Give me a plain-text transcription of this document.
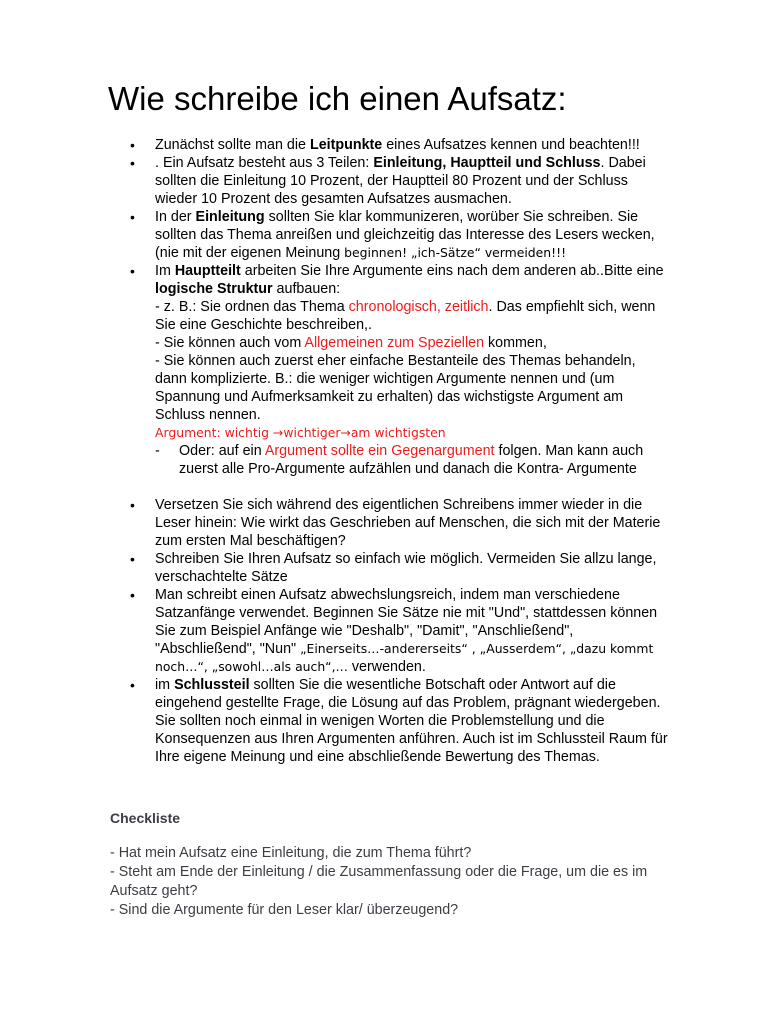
Wie schreibe ich einen Aufsatz:
• Zunächst sollte man die Leitpunkte eines Aufsatzes kennen und beachten!!!
• . Ein Aufsatz besteht aus 3 Teilen: Einleitung, Hauptteil und Schluss. Dabei sollten die Einleitung 10 Prozent, der Hauptteil 80 Prozent und der Schluss wieder 10 Prozent des gesamten Aufsatzes ausmachen.
• In der Einleitung sollten Sie klar kommunizeren, worüber Sie schreiben. Sie sollten das Thema anreißen und gleichzeitig das Interesse des Lesers wecken, (nie mit der eigenen Meinung beginnen! „ich-Sätze“ vermeiden!!!
• Im Hauptteilt arbeiten Sie Ihre Argumente eins nach dem anderen ab..Bitte eine logische Struktur aufbauen:
- z. B.: Sie ordnen das Thema chronologisch, zeitlich. Das empfiehlt sich, wenn Sie eine Geschichte beschreiben,.
- Sie können auch vom Allgemeinen zum Speziellen kommen,
- Sie können auch zuerst eher einfache Bestanteile des Themas behandeln, dann komplizierte. B.: die weniger wichtigen Argumente nennen und (um Spannung und Aufmerksamkeit zu erhalten) das wichstigste Argument am Schluss nennen.
Argument: wichtig →wichtiger→am wichtigsten
- Oder: auf ein Argument sollte ein Gegenargument folgen. Man kann auch zuerst alle Pro-Argumente aufzählen und danach die Kontra- Argumente
• Versetzen Sie sich während des eigentlichen Schreibens immer wieder in die Leser hinein: Wie wirkt das Geschrieben auf Menschen, die sich mit der Materie zum ersten Mal beschäftigen?
• Schreiben Sie Ihren Aufsatz so einfach wie möglich. Vermeiden Sie allzu lange, verschachtelte Sätze
• Man schreibt einen Aufsatz abwechslungsreich, indem man verschiedene Satzanfänge verwendet. Beginnen Sie Sätze nie mit "Und", stattdessen können Sie zum Beispiel Anfänge wie "Deshalb", "Damit", "Anschließend", "Abschließend", "Nun" „Einerseits…-andererseits“ , „Ausserdem“, „dazu kommt noch…“, „sowohl…als auch“,… verwenden.
• im Schlussteil sollten Sie die wesentliche Botschaft oder Antwort auf die eingehend gestellte Frage, die Lösung auf das Problem, prägnant wiedergeben. Sie sollten noch einmal in wenigen Worten die Problemstellung und die Konsequenzen aus Ihren Argumenten anführen. Auch ist im Schlussteil Raum für Ihre eigene Meinung und eine abschließende Bewertung des Themas.
Checkliste
- Hat mein Aufsatz eine Einleitung, die zum Thema führt?
- Steht am Ende der Einleitung / die Zusammenfassung oder die Frage, um die es im Aufsatz geht?
- Sind die Argumente für den Leser klar/ überzeugend?
